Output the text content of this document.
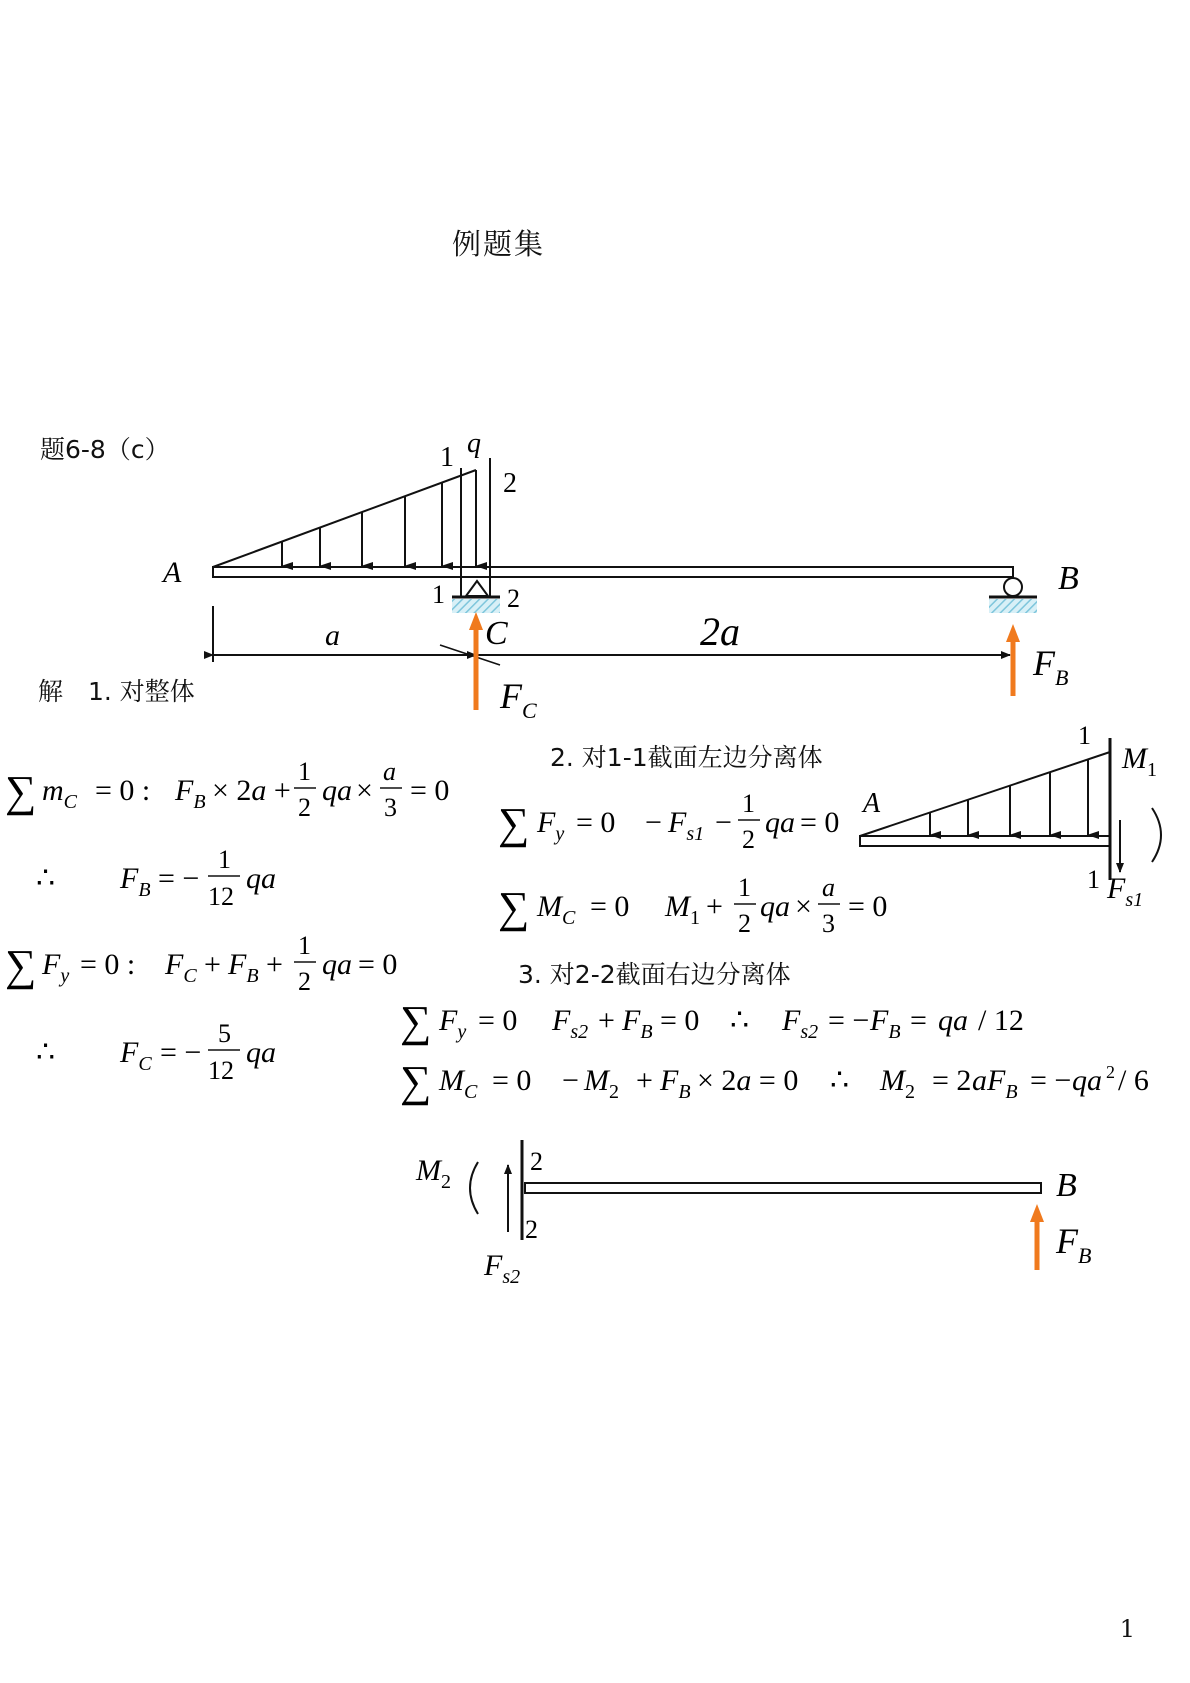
例题集
题6-8（c）
解　1. 对整体
2. 对1-1截面左边分离体
3. 对2-2截面右边分离体
A	B
1 q
2
1 2
C
a	2a
$F_C$
$F_B$
∑ $m_C = 0$ : $F_B \times 2a$ +
1
2
qa ×
a
3
= 0
∴ $F_B$ = −
1
12
qa
∑ $F_y = 0$ : $F_C + F_B$ +
1
2
qa = 0
∴ $F_C$ = −
5
12
qa
∑ $F_y = 0 - F_s1$ −
1
2
qa = 0
∑ $M_C = 0$ $M_1$ +
1
2
qa ×
a
3
= 0
A
1
1
$M_1$
$F_s1$
∑ $F_y = 0$ $F_s2 + F_B = 0$ ∴ $F_s2$ = − $F_B$ = qa / 12
∑ $M_C = 0 - M_2 + F_B \times 2a = 0$ ∴ $M_2 = 2$ $aF_B$ = − qa 2 / 6
2
2
$M_2$
$F_s2$
B
$F_B$
1
